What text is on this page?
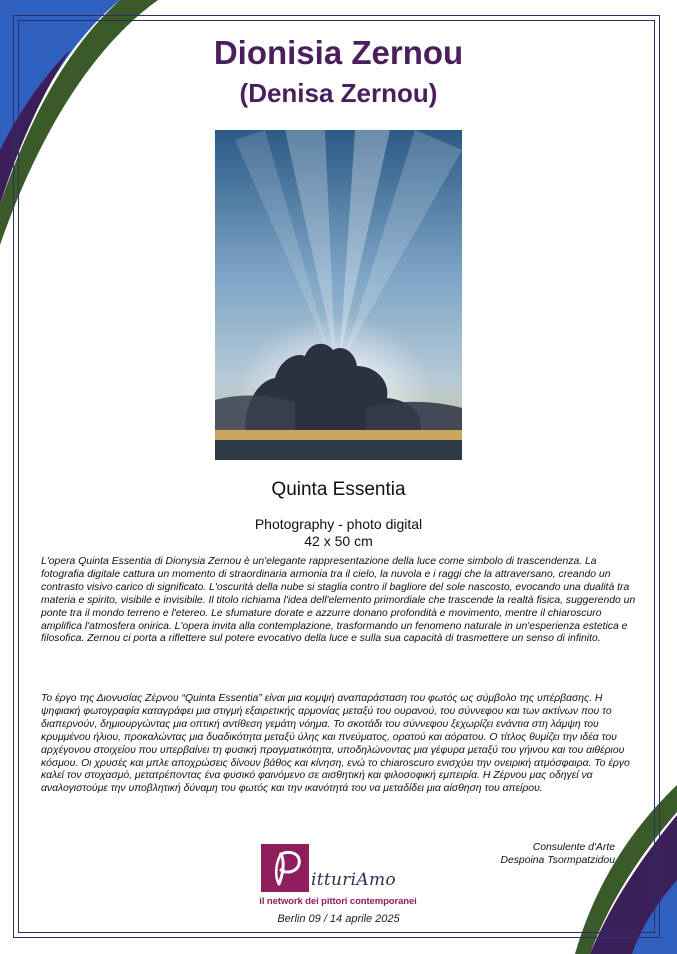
Dionisia Zernou
(Denisa Zernou)
Quinta Essentia
Photography - photo digital
42 x 50 cm

L'opera Quinta Essentia di Dionysia Zernou è un'elegante rappresentazione della luce come simbolo di trascendenza. La fotografia digitale cattura un momento di straordinaria armonia tra il cielo, la nuvola e i raggi che la attraversano, creando un contrasto visivo carico di significato. L'oscurità della nube si staglia contro il bagliore del sole nascosto, evocando una dualità tra materia e spirito, visibile e invisibile. Il titolo richiama l'idea dell'elemento primordiale che trascende la realtà fisica, suggerendo un ponte tra il mondo terreno e l'etereo. Le sfumature dorate e azzurre donano profondità e movimento, mentre il chiaroscuro amplifica l'atmosfera onirica. L'opera invita alla contemplazione, trasformando un fenomeno naturale in un'esperienza estetica e filosofica. Zernou ci porta a riflettere sul potere evocativo della luce e sulla sua capacità di trasmettere un senso di infinito.

Το έργο της Διονυσίας Ζέρνου “Quinta Essentia” είναι μια κομψή αναπαράσταση του φωτός ως σύμβολο της υπέρβασης. Η ψηφιακή φωτογραφία καταγράφει μια στιγμή εξαιρετικής αρμονίας μεταξύ του ουρανού, του σύννεφου και των ακτίνων που το διαπερνούν, δημιουργώντας μια οπτική αντίθεση γεμάτη νόημα. Το σκοτάδι του σύννεφου ξεχωρίζει ενάντια στη λάμψη του κρυμμένου ήλιου, προκαλώντας μια δυαδικότητα μεταξύ ύλης και πνεύματος, ορατού και αόρατου. Ο τίτλος θυμίζει την ιδέα του αρχέγονου στοιχείου που υπερβαίνει τη φυσική πραγματικότητα, υποδηλώνοντας μια γέφυρα μεταξύ του γήινου και του αιθέριου κόσμου. Οι χρυσές και μπλε αποχρώσεις δίνουν βάθος και κίνηση, ενώ το chiaroscuro ενισχύει την ονειρική ατμόσφαιρα. Το έργο καλεί τον στοχασμό, μετατρέποντας ένα φυσικό φαινόμενο σε αισθητική και φιλοσοφική εμπειρία. Η Ζέρνου μας οδηγεί να αναλογιστούμε την υποβλητική δύναμη του φωτός και την ικανότητά του να μεταδίδει μια αίσθηση του απείρου.

Consulente d'Arte
Despoina Tsormpatzidou
itturiAmo
il network dei pittori contemporanei
Berlin 09 / 14 aprile 2025
